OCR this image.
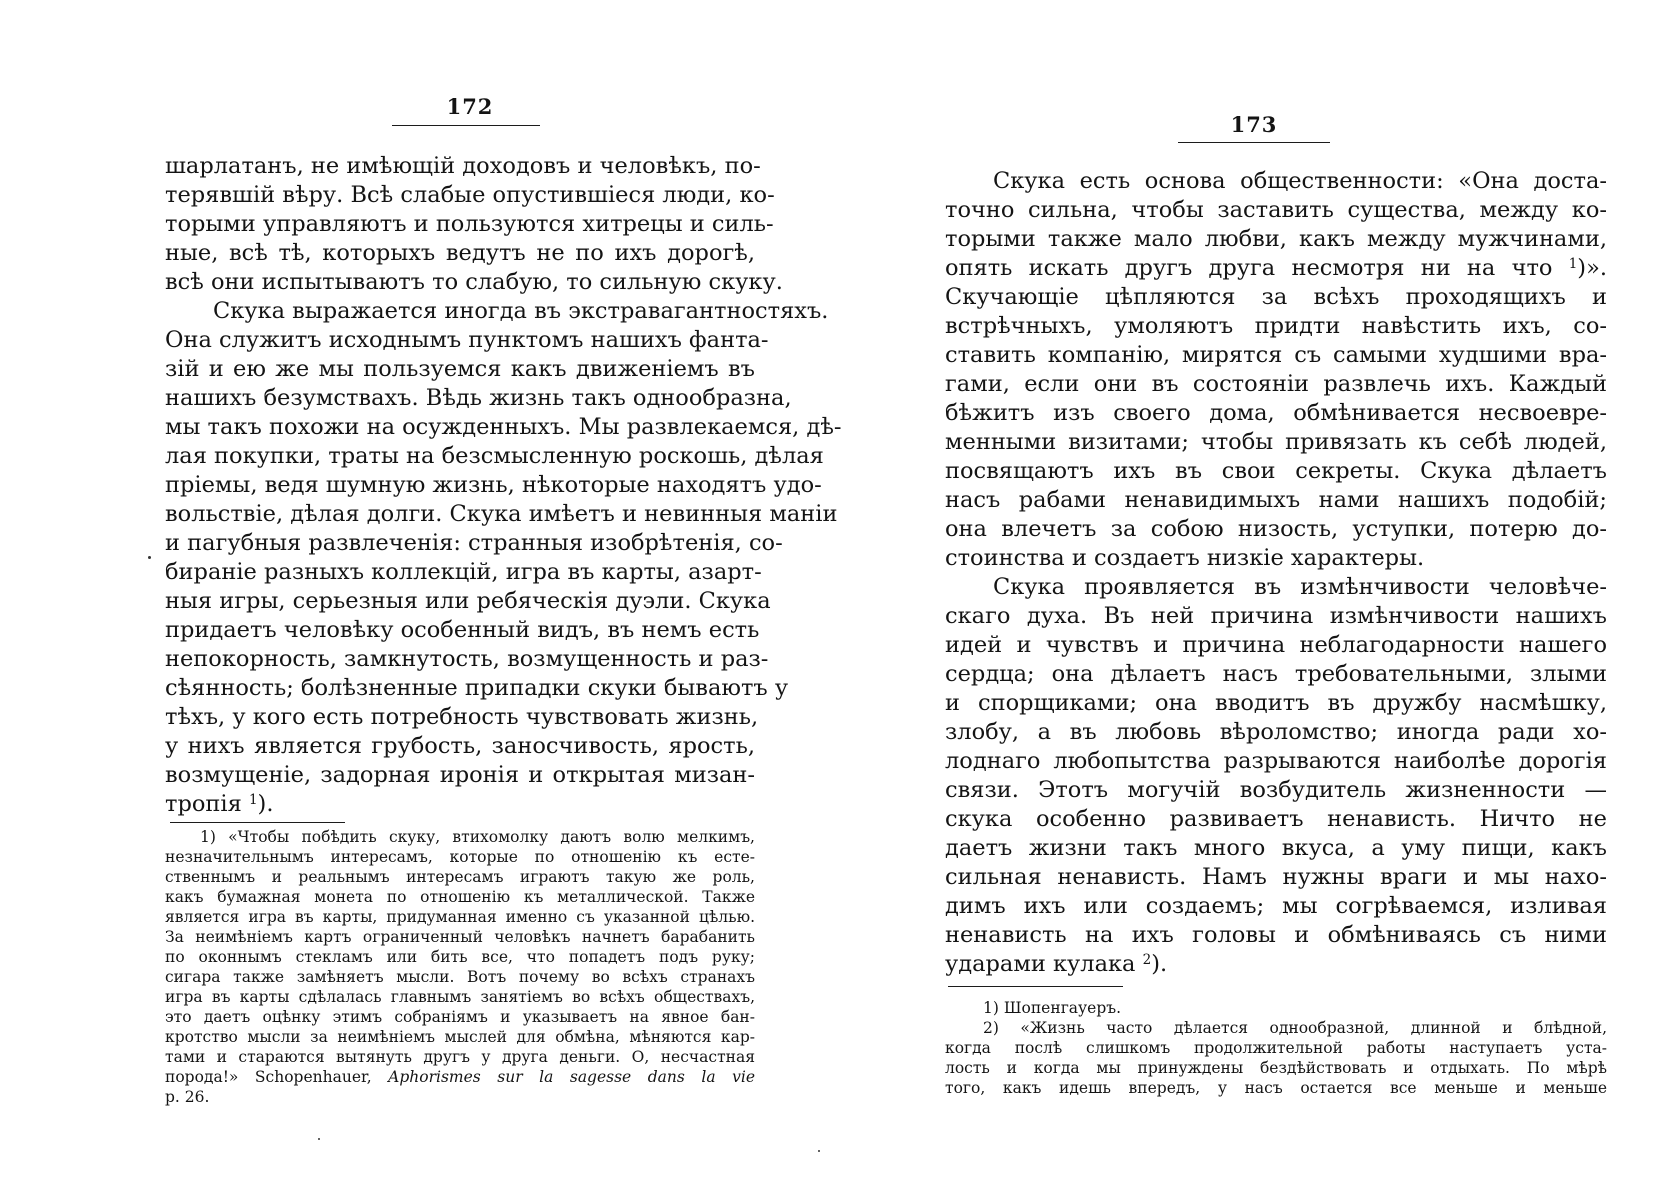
172

шарлатанъ, не имѣющій доходовъ и человѣкъ, по-

терявшій вѣру. Всѣ слабые опустившiеся люди, ко-

торыми управляютъ и пользуются хитрецы и силь-

ные, всѣ тѣ, которыхъ ведутъ не по ихъ дорогѣ,

всѣ они испытываютъ то слабую, то сильную скуку.

Скука выражается иногда въ экстравагантностяхъ.

Она служитъ исходнымъ пунктомъ нашихъ фанта-

зій и ею же мы пользуемся какъ движеніемъ въ

нашихъ безумствахъ. Вѣдь жизнь такъ однообразна,

мы такъ похожи на осужденныхъ. Мы развлекаемся, дѣ-

лая покупки, траты на безсмысленную роскошь, дѣлая

пріемы, ведя шумную жизнь, нѣкоторые находятъ удо-

вольствіе, дѣлая долги. Скука имѣетъ и невинныя маніи

и пагубныя развлеченія: странныя изобрѣтенія, со-

бираніе разныхъ коллекцій, игра въ карты, азарт-

ныя игры, серьезныя или ребяческія дуэли. Скука

придаетъ человѣку особенный видъ, въ немъ есть

непокорность, замкнутость, возмущенность и раз-

сѣянность; болѣзненные припадки скуки бываютъ у

тѣхъ, у кого есть потребность чувствовать жизнь,

у нихъ является грубость, заносчивость, ярость,

возмущеніе, задорная иронія и открытая мизан-

тропія $^1$).

1) «Чтобы побѣдить скуку, втихомолку даютъ волю мелкимъ,

незначительнымъ интересамъ, которые по отношенію къ есте-

ственнымъ и реальнымъ интересамъ играютъ такую же роль,

какъ бумажная монета по отношенію къ металлической. Также

является игра въ карты, придуманная именно съ указанной цѣлью.

За неимѣніемъ картъ ограниченный человѣкъ начнетъ барабанить

по оконнымъ стекламъ или бить все, что попадетъ подъ руку;

сигара также замѣняетъ мысли. Вотъ почему во всѣхъ странахъ

игра въ карты сдѣлалась главнымъ занятіемъ во всѣхъ обществахъ,

это даетъ оцѣнку этимъ собраніямъ и указываетъ на явное бан-

кротство мысли за неимѣніемъ мыслей для обмѣна, мѣняются кар-

тами и стараются вытянуть другъ у друга деньги. О, несчастная

порода!» Schopenhauer, Aphorismes sur la sagesse dans la vie

p. 26.

173

Скука есть основа общественности: «Она доста-

точно сильна, чтобы заставить существа, между ко-

торыми также мало любви, какъ между мужчинами,

опять искать другъ друга несмотря ни на что $^1$)».

Скучающіе цѣпляются за всѣхъ проходящихъ и

встрѣчныхъ, умоляютъ придти навѣстить ихъ, со-

ставить компанію, мирятся съ самыми худшими вра-

гами, если они въ состояніи развлечь ихъ. Каждый

бѣжитъ изъ своего дома, обмѣнивается несвоевре-

менными визитами; чтобы привязать къ себѣ людей,

посвящаютъ ихъ въ свои секреты. Скука дѣлаетъ

насъ рабами ненавидимыхъ нами нашихъ подобій;

она влечетъ за собою низость, уступки, потерю до-

стоинства и создаетъ низкіе характеры.

Скука проявляется въ измѣнчивости человѣче-

скаго духа. Въ ней причина измѣнчивости нашихъ

идей и чувствъ и причина неблагодарности нашего

сердца; она дѣлаетъ насъ требовательными, злыми

и спорщиками; она вводитъ въ дружбу насмѣшку,

злобу, а въ любовь вѣроломство; иногда ради хо-

лоднаго любопытства разрываются наиболѣе дорогія

связи. Этотъ могучій возбудитель жизненности —

скука особенно развиваетъ ненависть. Ничто не

даетъ жизни такъ много вкуса, а уму пищи, какъ

сильная ненависть. Намъ нужны враги и мы нахо-

димъ ихъ или создаемъ; мы согрѣваемся, изливая

ненависть на ихъ головы и обмѣниваясь съ ними

ударами кулака $^2$).

1) Шопенгауеръ.

2) «Жизнь часто дѣлается однообразной, длинной и блѣдной,

когда послѣ слишкомъ продолжительной работы наступаетъ уста-

лость и когда мы принуждены бездѣйствовать и отдыхать. По мѣрѣ

того, какъ идешь впередъ, у насъ остается все меньше и меньше
